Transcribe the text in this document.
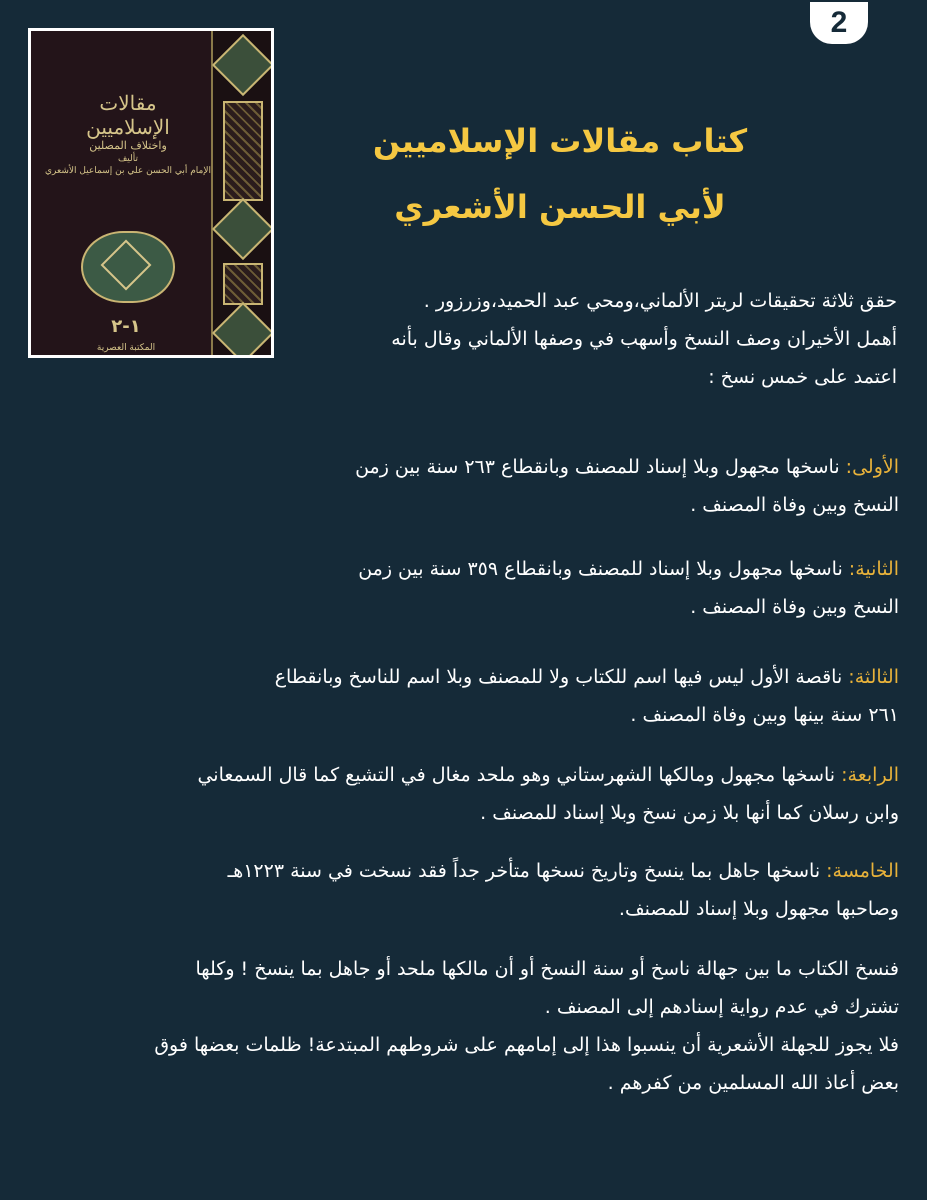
2
مقالات
الإسلاميين
واختلاف المصلين
تأليف
الإمام أبي الحسن علي بن إسماعيل الأشعري
١-٢
المكتبة العصرية
كتاب مقالات الإسلاميين
لأبي الحسن الأشعري
حقق ثلاثة تحقيقات لريتر الألماني،ومحي عبد الحميد،وزرزور .
أهمل الأخيران وصف النسخ وأسهب في وصفها الألماني وقال بأنه
اعتمد على خمس نسخ :
الأولى: ناسخها مجهول وبلا إسناد للمصنف وبانقطاع ٢٦٣ سنة بين زمن
النسخ وبين وفاة المصنف .
الثانية: ناسخها مجهول وبلا إسناد للمصنف وبانقطاع ٣٥٩ سنة بين زمن
النسخ وبين وفاة المصنف .
الثالثة: ناقصة الأول ليس فيها اسم للكتاب ولا للمصنف وبلا اسم للناسخ وبانقطاع
٢٦١ سنة بينها وبين وفاة المصنف .
الرابعة: ناسخها مجهول ومالكها الشهرستاني وهو ملحد مغال في التشيع كما قال السمعاني
وابن رسلان كما أنها بلا زمن نسخ وبلا إسناد للمصنف .
الخامسة: ناسخها جاهل بما ينسخ وتاريخ نسخها متأخر جداً فقد نسخت في سنة ١٢٢٣هـ
وصاحبها مجهول وبلا إسناد للمصنف.
فنسخ الكتاب ما بين جهالة ناسخ أو سنة النسخ أو أن مالكها ملحد أو جاهل بما ينسخ ! وكلها
تشترك في عدم رواية إسنادهم إلى المصنف .
فلا يجوز للجهلة الأشعرية أن ينسبوا هذا إلى إمامهم على شروطهم المبتدعة! ظلمات بعضها فوق
بعض أعاذ الله المسلمين من كفرهم .
